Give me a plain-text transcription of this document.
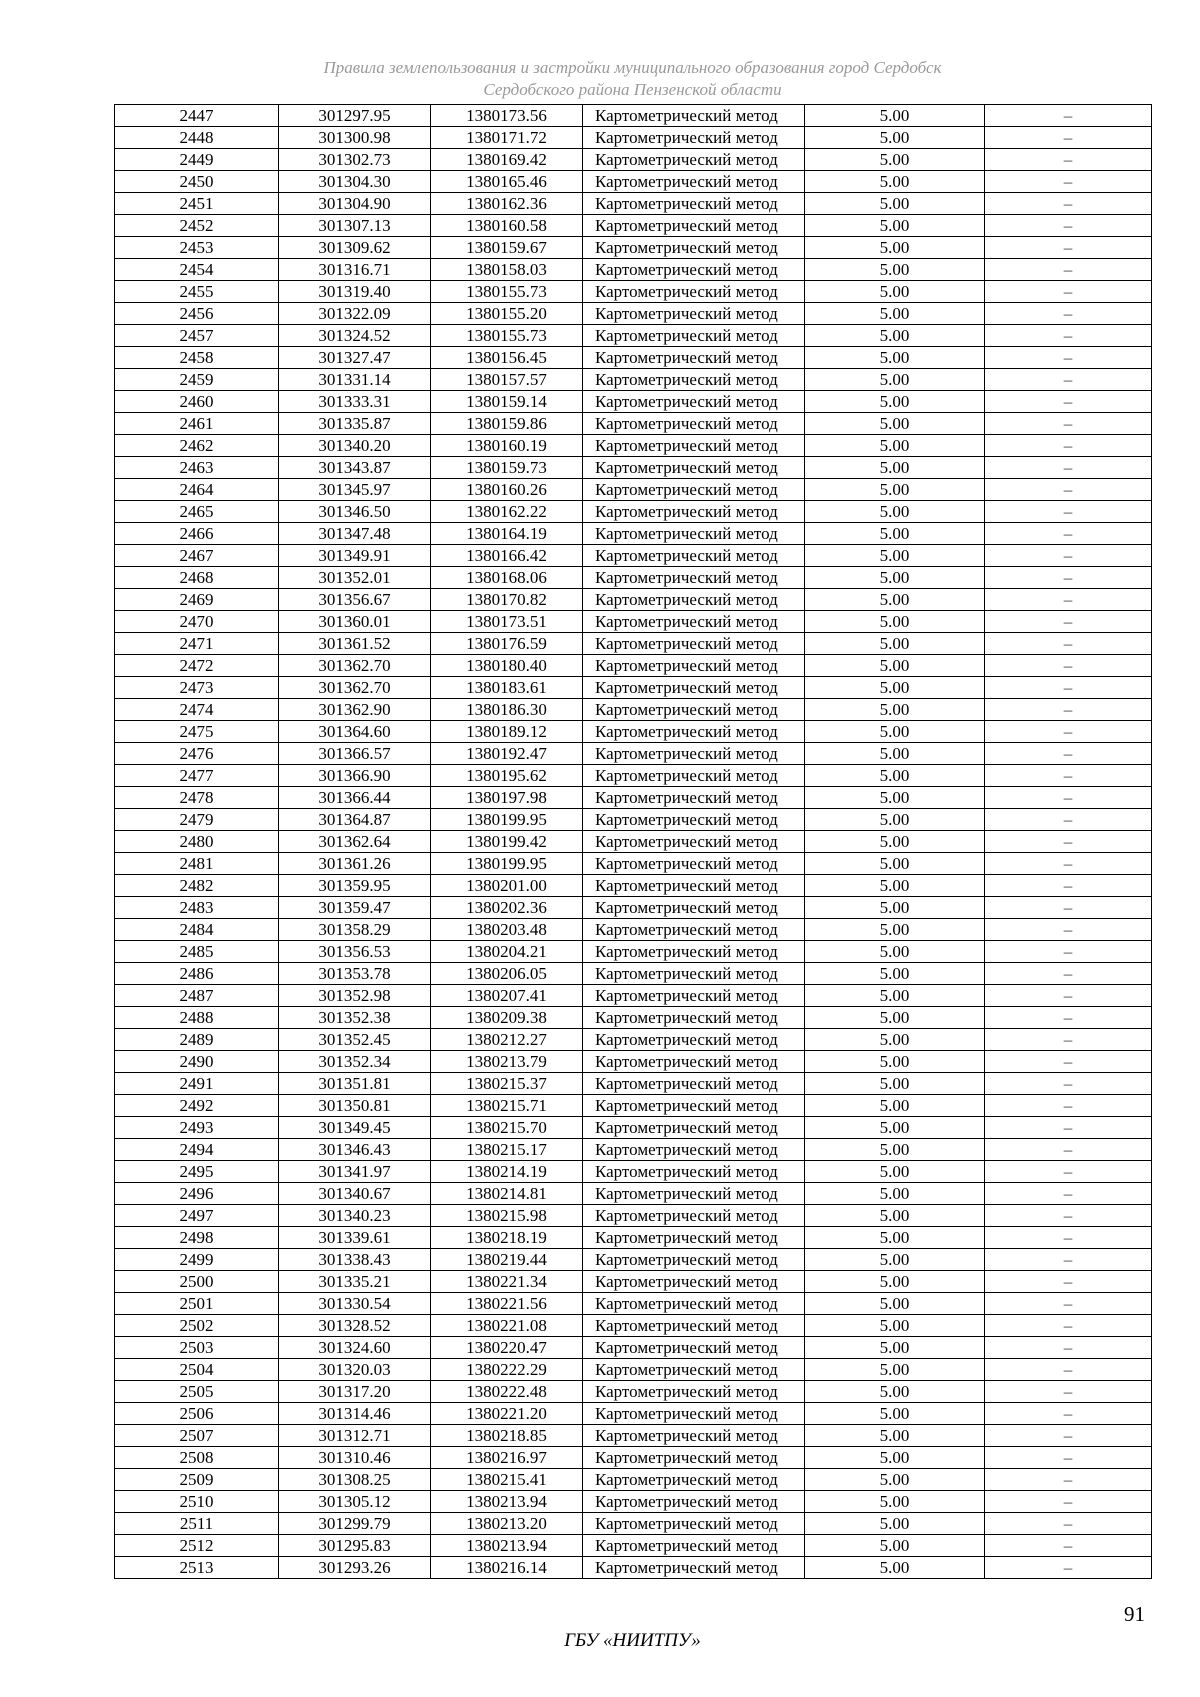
Правила землепользования и застройки муниципального образования город Сердобск
Сердобского района Пензенской области
2447	301297.95	1380173.56	Картометрический метод	5.00	–
2448	301300.98	1380171.72	Картометрический метод	5.00	–
2449	301302.73	1380169.42	Картометрический метод	5.00	–
2450	301304.30	1380165.46	Картометрический метод	5.00	–
2451	301304.90	1380162.36	Картометрический метод	5.00	–
2452	301307.13	1380160.58	Картометрический метод	5.00	–
2453	301309.62	1380159.67	Картометрический метод	5.00	–
2454	301316.71	1380158.03	Картометрический метод	5.00	–
2455	301319.40	1380155.73	Картометрический метод	5.00	–
2456	301322.09	1380155.20	Картометрический метод	5.00	–
2457	301324.52	1380155.73	Картометрический метод	5.00	–
2458	301327.47	1380156.45	Картометрический метод	5.00	–
2459	301331.14	1380157.57	Картометрический метод	5.00	–
2460	301333.31	1380159.14	Картометрический метод	5.00	–
2461	301335.87	1380159.86	Картометрический метод	5.00	–
2462	301340.20	1380160.19	Картометрический метод	5.00	–
2463	301343.87	1380159.73	Картометрический метод	5.00	–
2464	301345.97	1380160.26	Картометрический метод	5.00	–
2465	301346.50	1380162.22	Картометрический метод	5.00	–
2466	301347.48	1380164.19	Картометрический метод	5.00	–
2467	301349.91	1380166.42	Картометрический метод	5.00	–
2468	301352.01	1380168.06	Картометрический метод	5.00	–
2469	301356.67	1380170.82	Картометрический метод	5.00	–
2470	301360.01	1380173.51	Картометрический метод	5.00	–
2471	301361.52	1380176.59	Картометрический метод	5.00	–
2472	301362.70	1380180.40	Картометрический метод	5.00	–
2473	301362.70	1380183.61	Картометрический метод	5.00	–
2474	301362.90	1380186.30	Картометрический метод	5.00	–
2475	301364.60	1380189.12	Картометрический метод	5.00	–
2476	301366.57	1380192.47	Картометрический метод	5.00	–
2477	301366.90	1380195.62	Картометрический метод	5.00	–
2478	301366.44	1380197.98	Картометрический метод	5.00	–
2479	301364.87	1380199.95	Картометрический метод	5.00	–
2480	301362.64	1380199.42	Картометрический метод	5.00	–
2481	301361.26	1380199.95	Картометрический метод	5.00	–
2482	301359.95	1380201.00	Картометрический метод	5.00	–
2483	301359.47	1380202.36	Картометрический метод	5.00	–
2484	301358.29	1380203.48	Картометрический метод	5.00	–
2485	301356.53	1380204.21	Картометрический метод	5.00	–
2486	301353.78	1380206.05	Картометрический метод	5.00	–
2487	301352.98	1380207.41	Картометрический метод	5.00	–
2488	301352.38	1380209.38	Картометрический метод	5.00	–
2489	301352.45	1380212.27	Картометрический метод	5.00	–
2490	301352.34	1380213.79	Картометрический метод	5.00	–
2491	301351.81	1380215.37	Картометрический метод	5.00	–
2492	301350.81	1380215.71	Картометрический метод	5.00	–
2493	301349.45	1380215.70	Картометрический метод	5.00	–
2494	301346.43	1380215.17	Картометрический метод	5.00	–
2495	301341.97	1380214.19	Картометрический метод	5.00	–
2496	301340.67	1380214.81	Картометрический метод	5.00	–
2497	301340.23	1380215.98	Картометрический метод	5.00	–
2498	301339.61	1380218.19	Картометрический метод	5.00	–
2499	301338.43	1380219.44	Картометрический метод	5.00	–
2500	301335.21	1380221.34	Картометрический метод	5.00	–
2501	301330.54	1380221.56	Картометрический метод	5.00	–
2502	301328.52	1380221.08	Картометрический метод	5.00	–
2503	301324.60	1380220.47	Картометрический метод	5.00	–
2504	301320.03	1380222.29	Картометрический метод	5.00	–
2505	301317.20	1380222.48	Картометрический метод	5.00	–
2506	301314.46	1380221.20	Картометрический метод	5.00	–
2507	301312.71	1380218.85	Картометрический метод	5.00	–
2508	301310.46	1380216.97	Картометрический метод	5.00	–
2509	301308.25	1380215.41	Картометрический метод	5.00	–
2510	301305.12	1380213.94	Картометрический метод	5.00	–
2511	301299.79	1380213.20	Картометрический метод	5.00	–
2512	301295.83	1380213.94	Картометрический метод	5.00	–
2513	301293.26	1380216.14	Картометрический метод	5.00	–
91
ГБУ «НИИТПУ»
